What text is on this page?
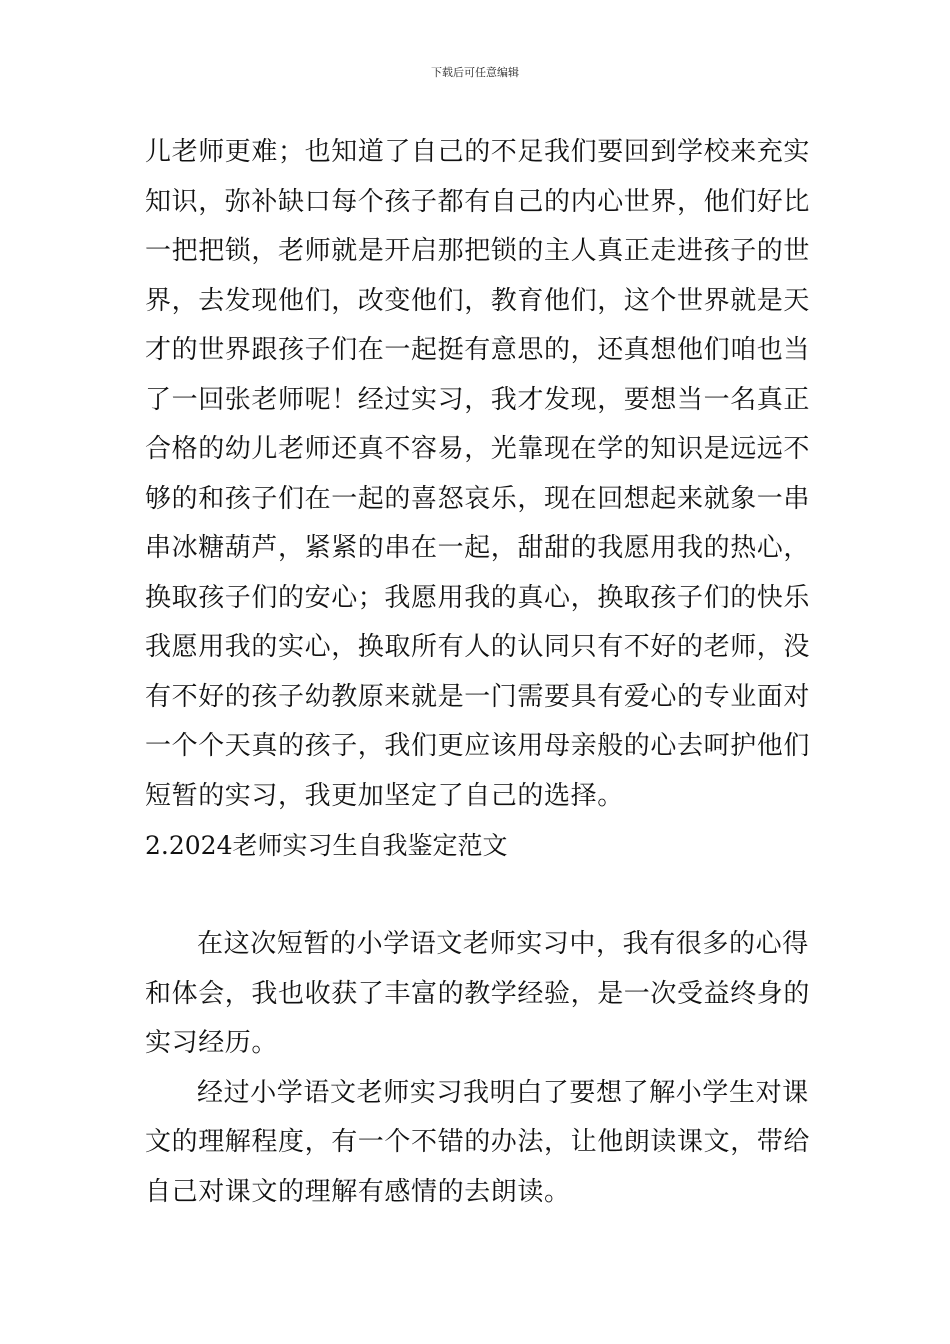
下载后可任意编辑
儿老师更难；也知道了自己的不足我们要回到学校来充实
知识，弥补缺口每个孩子都有自己的内心世界，他们好比
一把把锁，老师就是开启那把锁的主人真正走进孩子的世
界，去发现他们，改变他们，教育他们，这个世界就是天
才的世界跟孩子们在一起挺有意思的，还真想他们咱也当
了一回张老师呢！经过实习，我才发现，要想当一名真正
合格的幼儿老师还真不容易，光靠现在学的知识是远远不
够的和孩子们在一起的喜怒哀乐，现在回想起来就象一串
串冰糖葫芦，紧紧的串在一起，甜甜的我愿用我的热心，
换取孩子们的安心；我愿用我的真心，换取孩子们的快乐
我愿用我的实心，换取所有人的认同只有不好的老师，没
有不好的孩子幼教原来就是一门需要具有爱心的专业面对
一个个天真的孩子，我们更应该用母亲般的心去呵护他们
短暂的实习，我更加坚定了自己的选择。
2.2024老师实习生自我鉴定范文
在这次短暂的小学语文老师实习中，我有很多的心得
和体会，我也收获了丰富的教学经验，是一次受益终身的
实习经历。
经过小学语文老师实习我明白了要想了解小学生对课
文的理解程度，有一个不错的办法，让他朗读课文，带给
自己对课文的理解有感情的去朗读。
